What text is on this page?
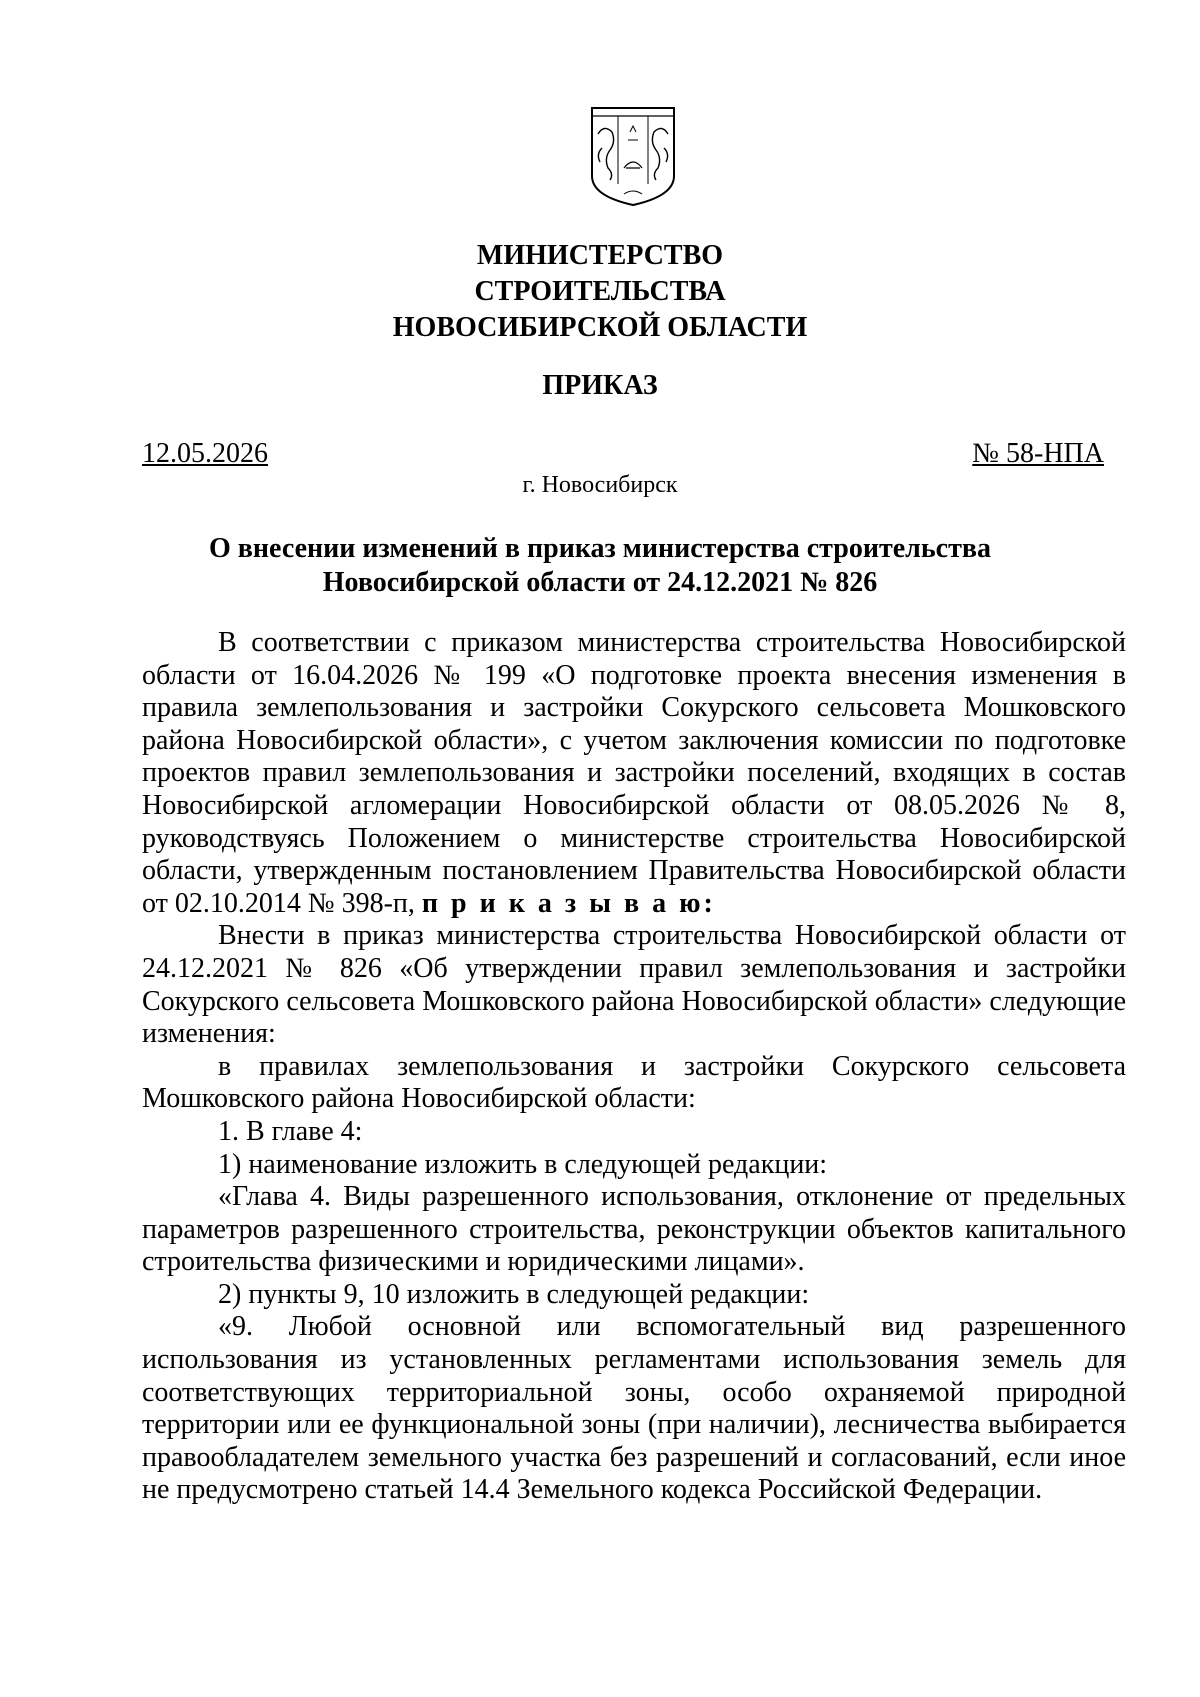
МИНИСТЕРСТВО
СТРОИТЕЛЬСТВА
НОВОСИБИРСКОЙ ОБЛАСТИ
ПРИКАЗ
12.05.2026	№ 58-НПА
г. Новосибирск
О внесении изменений в приказ министерства строительства
Новосибирской области от 24.12.2021 № 826

В соответствии с приказом министерства строительства Новосибирской области от 16.04.2026 № 199 «О подготовке проекта внесения изменения в правила землепользования и застройки Сокурского сельсовета Мошковского района Новосибирской области», с учетом заключения комиссии по подготовке проектов правил землепользования и застройки поселений, входящих в состав Новосибирской агломерации Новосибирской области от 08.05.2026 № 8, руководствуясь Положением о министерстве строительства Новосибирской области, утвержденным постановлением Правительства Новосибирской области от 02.10.2014 № 398-п, п р и к а з ы в а ю:

Внести в приказ министерства строительства Новосибирской области от 24.12.2021 № 826 «Об утверждении правил землепользования и застройки Сокурского сельсовета Мошковского района Новосибирской области» следующие изменения:

в правилах землепользования и застройки Сокурского сельсовета Мошковского района Новосибирской области:

1. В главе 4:

1) наименование изложить в следующей редакции:

«Глава 4. Виды разрешенного использования, отклонение от предельных параметров разрешенного строительства, реконструкции объектов капитального строительства физическими и юридическими лицами».

2) пункты 9, 10 изложить в следующей редакции:

«9. Любой основной или вспомогательный вид разрешенного использования из установленных регламентами использования земель для соответствующих территориальной зоны, особо охраняемой природной территории или ее функциональной зоны (при наличии), лесничества выбирается правообладателем земельного участка без разрешений и согласований, если иное не предусмотрено статьей 14.4 Земельного кодекса Российской Федерации.
